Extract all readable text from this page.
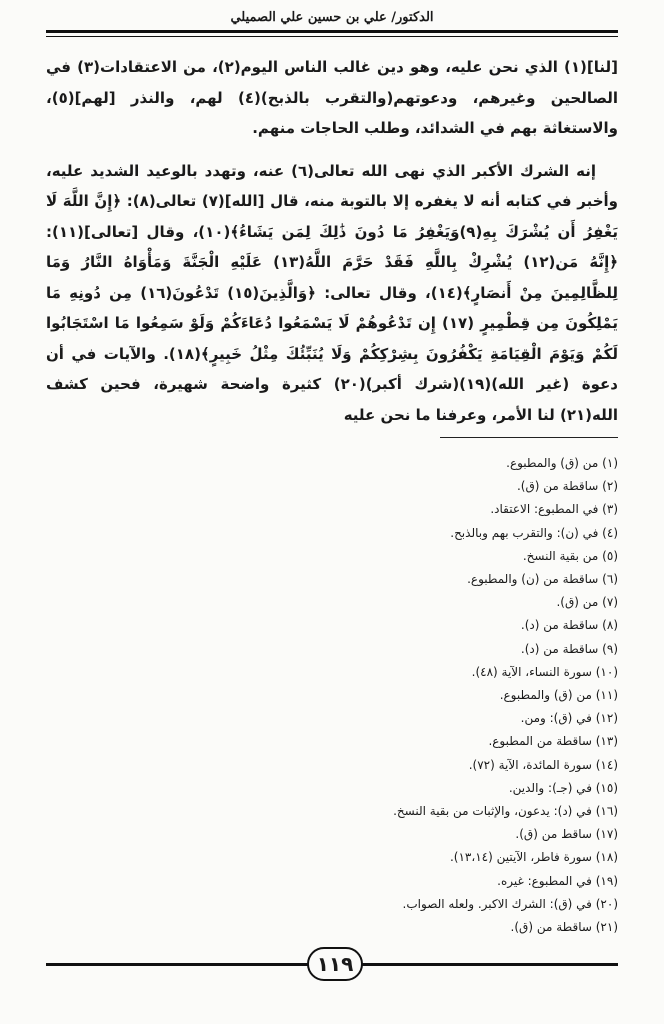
الدكتور/ علي بن حسين علي الصميلي

[لنا](١) الذي نحن عليه، وهو دين غالب الناس اليوم(٢)، من الاعتقادات(٣) في الصالحين وغيرهم، ودعوتهم(والتقرب بالذبح)(٤) لهم، والنذر [لهم](٥)، والاستغاثة بهم في الشدائد، وطلب الحاجات منهم.

إنه الشرك الأكبر الذي نهى الله تعالى(٦) عنه، وتهدد بالوعيد الشديد عليه، وأخبر في كتابه أنه لا يغفره إلا بالتوبة منه، قال [الله](٧) تعالى(٨): ﴿إِنَّ اللَّهَ لَا يَغْفِرُ أَن يُشْرَكَ بِهِ(٩)وَيَغْفِرُ مَا دُونَ ذَٰلِكَ لِمَن يَشَاءُ﴾(١٠)، وقال [تعالى](١١): ﴿إِنَّهُ مَن(١٢) يُشْرِكْ بِاللَّهِ فَقَدْ حَرَّمَ اللَّهُ(١٣) عَلَيْهِ الْجَنَّةَ وَمَأْوَاهُ النَّارُ وَمَا لِلظَّالِمِينَ مِنْ أَنصَارٍ﴾(١٤)، وقال تعالى: ﴿وَالَّذِينَ(١٥) تَدْعُونَ(١٦) مِن دُونِهِ مَا يَمْلِكُونَ مِن قِطْمِيرٍ (١٧) إِن تَدْعُوهُمْ لَا يَسْمَعُوا دُعَاءَكُمْ وَلَوْ سَمِعُوا مَا اسْتَجَابُوا لَكُمْ وَيَوْمَ الْقِيَامَةِ يَكْفُرُونَ بِشِرْكِكُمْ وَلَا يُنَبِّئُكَ مِثْلُ خَبِيرٍ﴾(١٨). والآيات في أن دعوة (غير الله)(١٩)(شرك أكبر)(٢٠) كثيرة واضحة شهيرة، فحين كشف الله(٢١) لنا الأمر، وعرفنا ما نحن عليه

(١) من (ق) والمطبوع.
(٢) ساقطة من (ق).
(٣) في المطبوع: الاعتقاد.
(٤) في (ن): والتقرب بهم وبالذبح.
(٥) من بقية النسخ.
(٦) ساقطة من (ن) والمطبوع.
(٧) من (ق).
(٨) ساقطة من (د).
(٩) ساقطة من (د).
(١٠) سورة النساء، الآية (٤٨).
(١١) من (ق) والمطبوع.
(١٢) في (ق): ومن.
(١٣) ساقطة من المطبوع.
(١٤) سورة المائدة، الآية (٧٢).
(١٥) في (جـ): والدين.
(١٦) في (د): يدعون، والإثبات من بقية النسخ.
(١٧) ساقط من (ق).
(١٨) سورة فاطر، الآيتين (١٣،١٤).
(١٩) في المطبوع: غيره.
(٢٠) في (ق): الشرك الاكبر. ولعله الصواب.
(٢١) ساقطة من (ق).
١١٩
